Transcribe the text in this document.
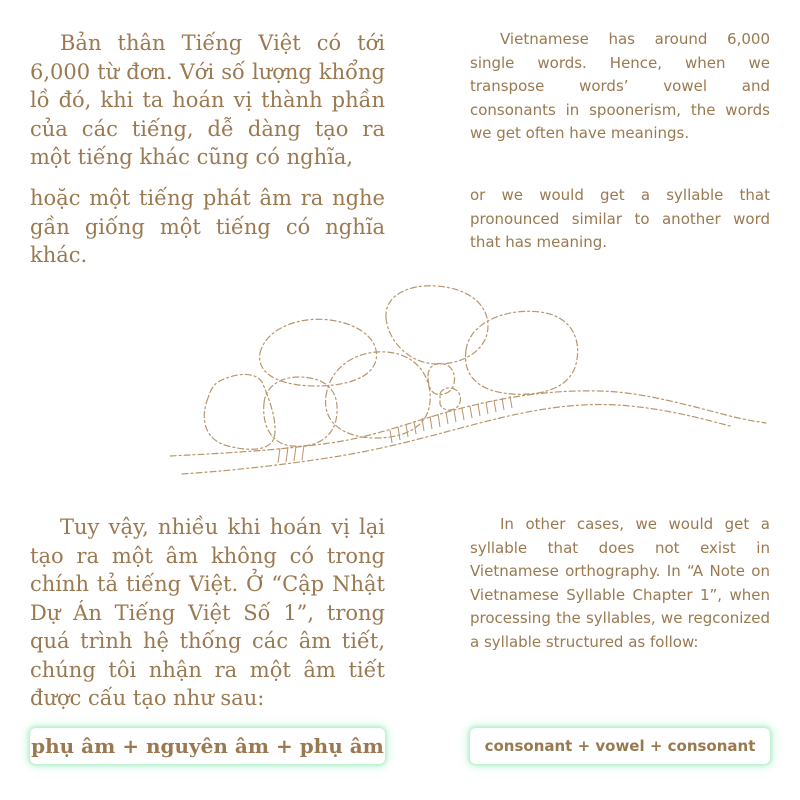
Bản thân Tiếng Việt có tới 6,000 từ đơn. Với số lượng khổng lồ đó, khi ta hoán vị thành phần của các tiếng, dễ dàng tạo ra một tiếng khác cũng có nghĩa,

hoặc một tiếng phát âm ra nghe gần giống một tiếng có nghĩa khác.

Tuy vậy, nhiều khi hoán vị lại tạo ra một âm không có trong chính tả tiếng Việt. Ở “Cập Nhật Dự Án Tiếng Việt Số 1”, trong quá trình hệ thống các âm tiết, chúng tôi nhận ra một âm tiết được cấu tạo như sau:

phụ âm + nguyên âm + phụ âm

Vietnamese has around 6,000 single words. Hence, when we transpose words’ vowel and consonants in spoonerism, the words we get often have meanings.

or we would get a syllable that pronounced similar to another word that has meaning.

In other cases, we would get a syllable that does not exist in Vietnamese orthography. In “A Note on Vietnamese Syllable Chapter 1”, when processing the syllables, we regconized a syllable structured as follow:

consonant + vowel + consonant
